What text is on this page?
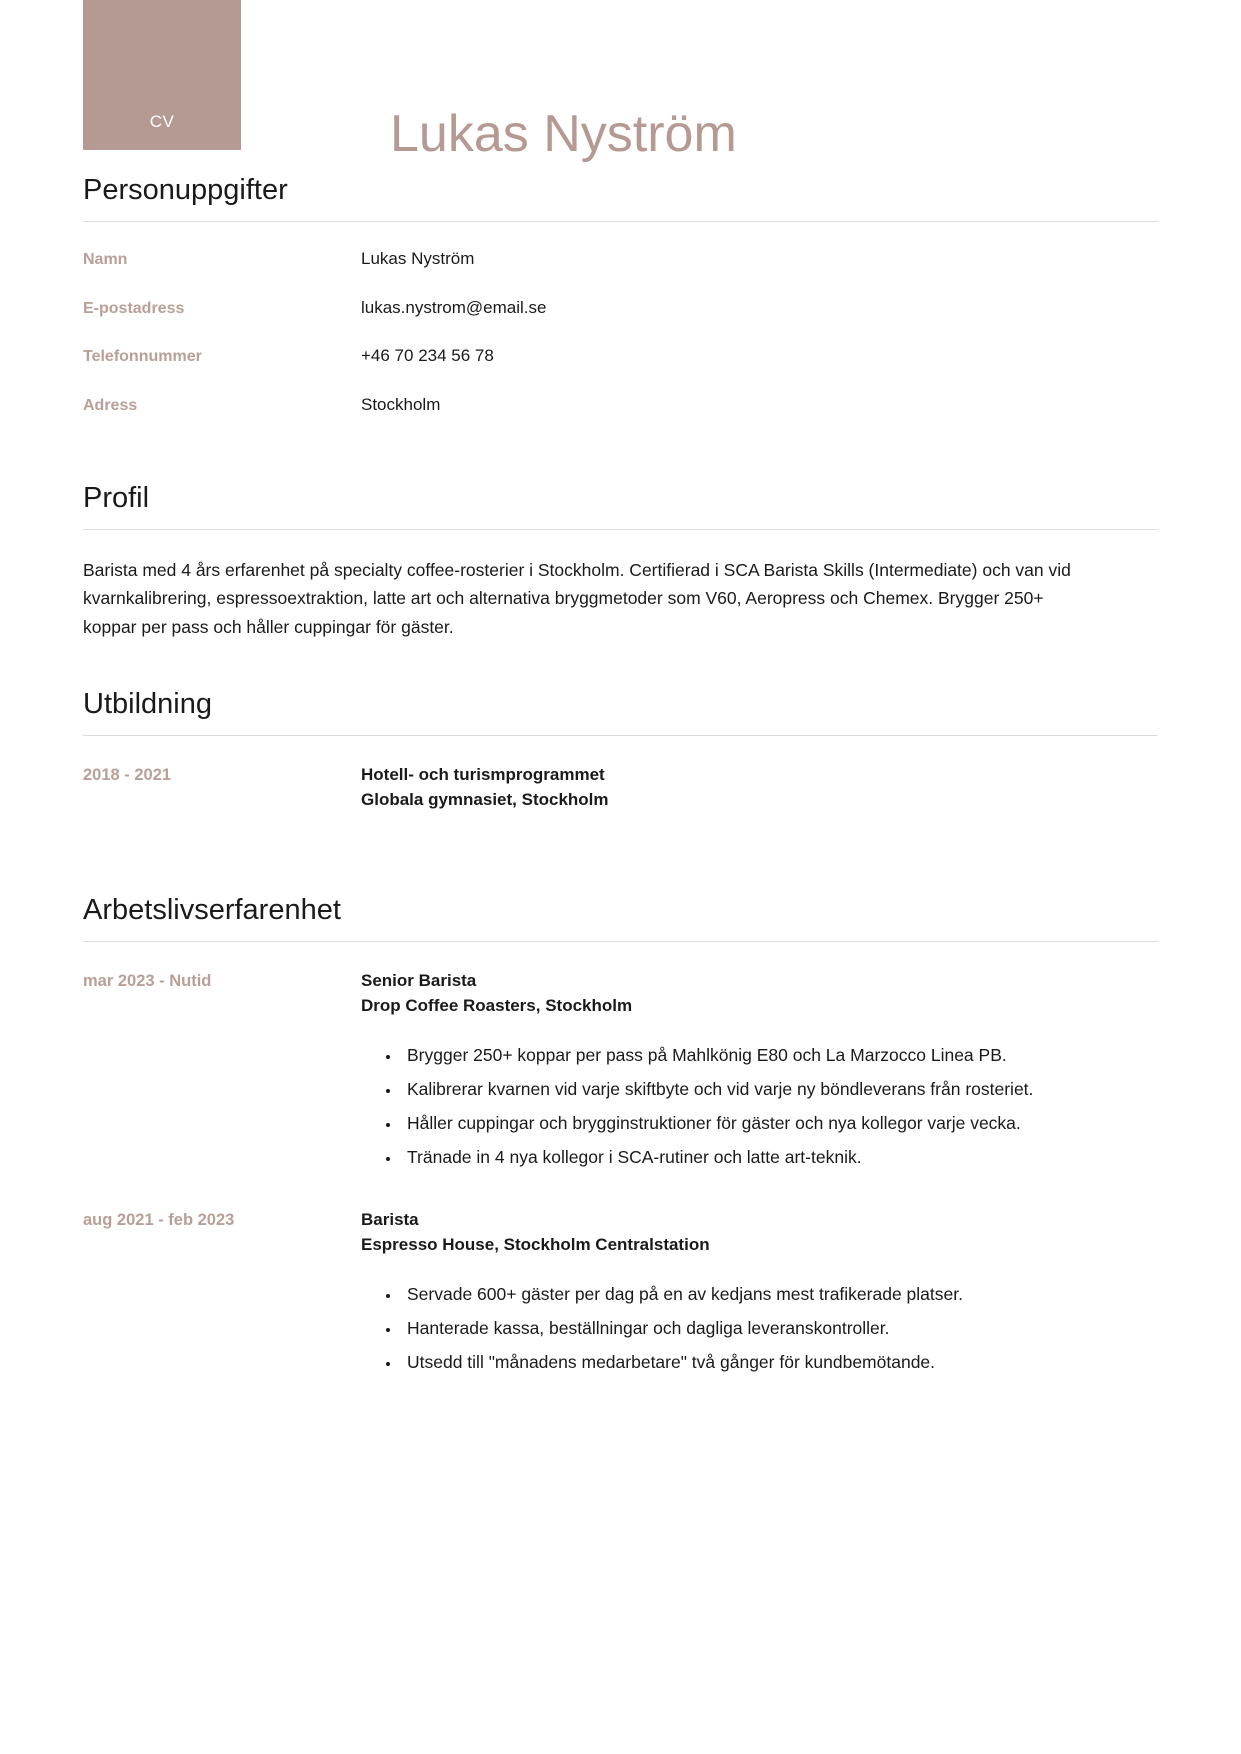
CV	Lukas Nyström
Personuppgifter
Namn	Lukas Nyström
E-postadress	lukas.nystrom@email.se
Telefonnummer	+46 70 234 56 78
Adress	Stockholm
Profil

Barista med 4 års erfarenhet på specialty coffee-rosterier i Stockholm. Certifierad i SCA Barista Skills (Intermediate) och van vid kvarnkalibrering, espressoextraktion, latte art och alternativa bryggmetoder som V60, Aeropress och Chemex. Brygger 250+ koppar per pass och håller cuppingar för gäster.

Utbildning
2018 - 2021	Hotell- och turismprogrammet
Globala gymnasiet, Stockholm
Arbetslivserfarenhet
mar 2023 - Nutid	Senior Barista
Drop Coffee Roasters, Stockholm
• Brygger 250+ koppar per pass på Mahlkönig E80 och La Marzocco Linea PB.
• Kalibrerar kvarnen vid varje skiftbyte och vid varje ny böndleverans från rosteriet.
• Håller cuppingar och brygginstruktioner för gäster och nya kollegor varje vecka.
• Tränade in 4 nya kollegor i SCA-rutiner och latte art-teknik.
aug 2021 - feb 2023	Barista
Espresso House, Stockholm Centralstation
• Servade 600+ gäster per dag på en av kedjans mest trafikerade platser.
• Hanterade kassa, beställningar och dagliga leveranskontroller.
• Utsedd till "månadens medarbetare" två gånger för kundbemötande.
